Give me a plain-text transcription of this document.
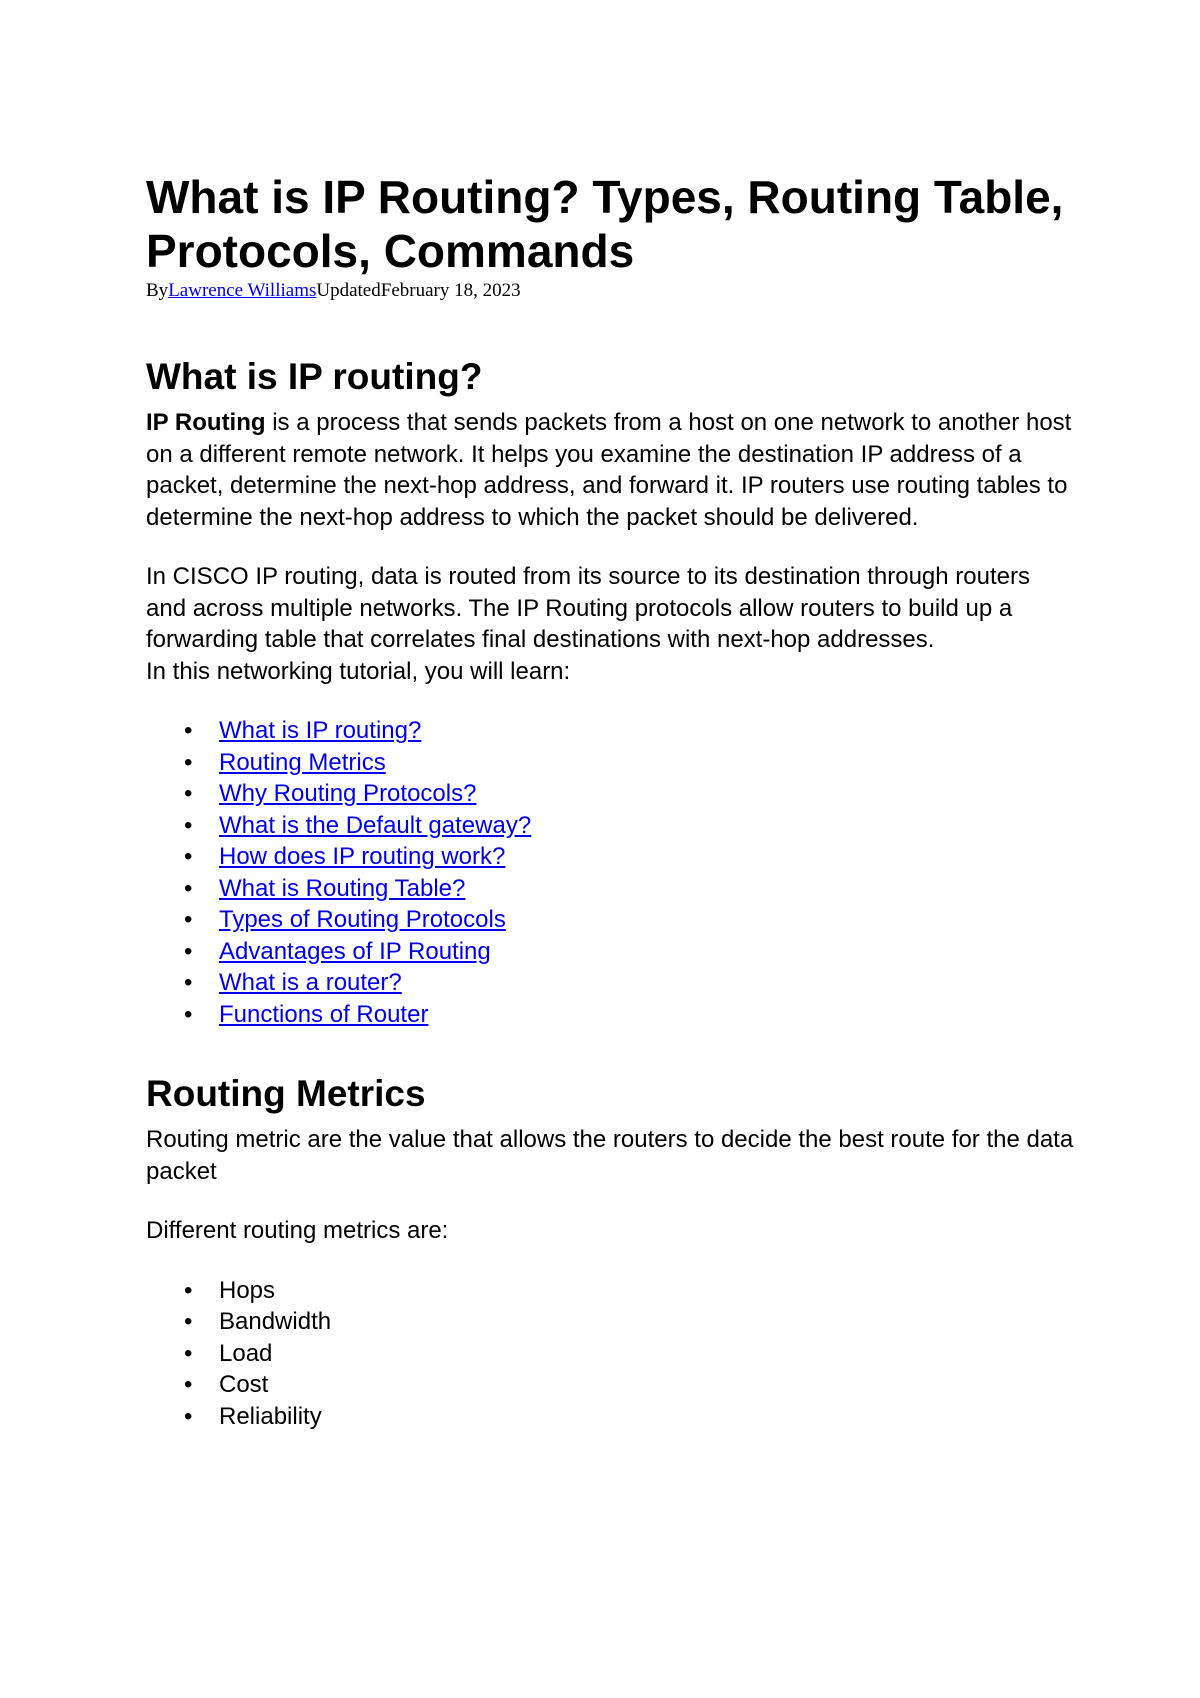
What is IP Routing? Types, Routing Table, Protocols, Commands
ByLawrence WilliamsUpdatedFebruary 18, 2023
What is IP routing?

IP Routing is a process that sends packets from a host on one network to another host on a different remote network. It helps you examine the destination IP address of a packet, determine the next-hop address, and forward it. IP routers use routing tables to determine the next-hop address to which the packet should be delivered.

In CISCO IP routing, data is routed from its source to its destination through routers and across multiple networks. The IP Routing protocols allow routers to build up a forwarding table that correlates final destinations with next-hop addresses.

In this networking tutorial, you will learn:

• What is IP routing?
• Routing Metrics
• Why Routing Protocols?
• What is the Default gateway?
• How does IP routing work?
• What is Routing Table?
• Types of Routing Protocols
• Advantages of IP Routing
• What is a router?
• Functions of Router
Routing Metrics

Routing metric are the value that allows the routers to decide the best route for the data packet

Different routing metrics are:

• Hops
• Bandwidth
• Load
• Cost
• Reliability
